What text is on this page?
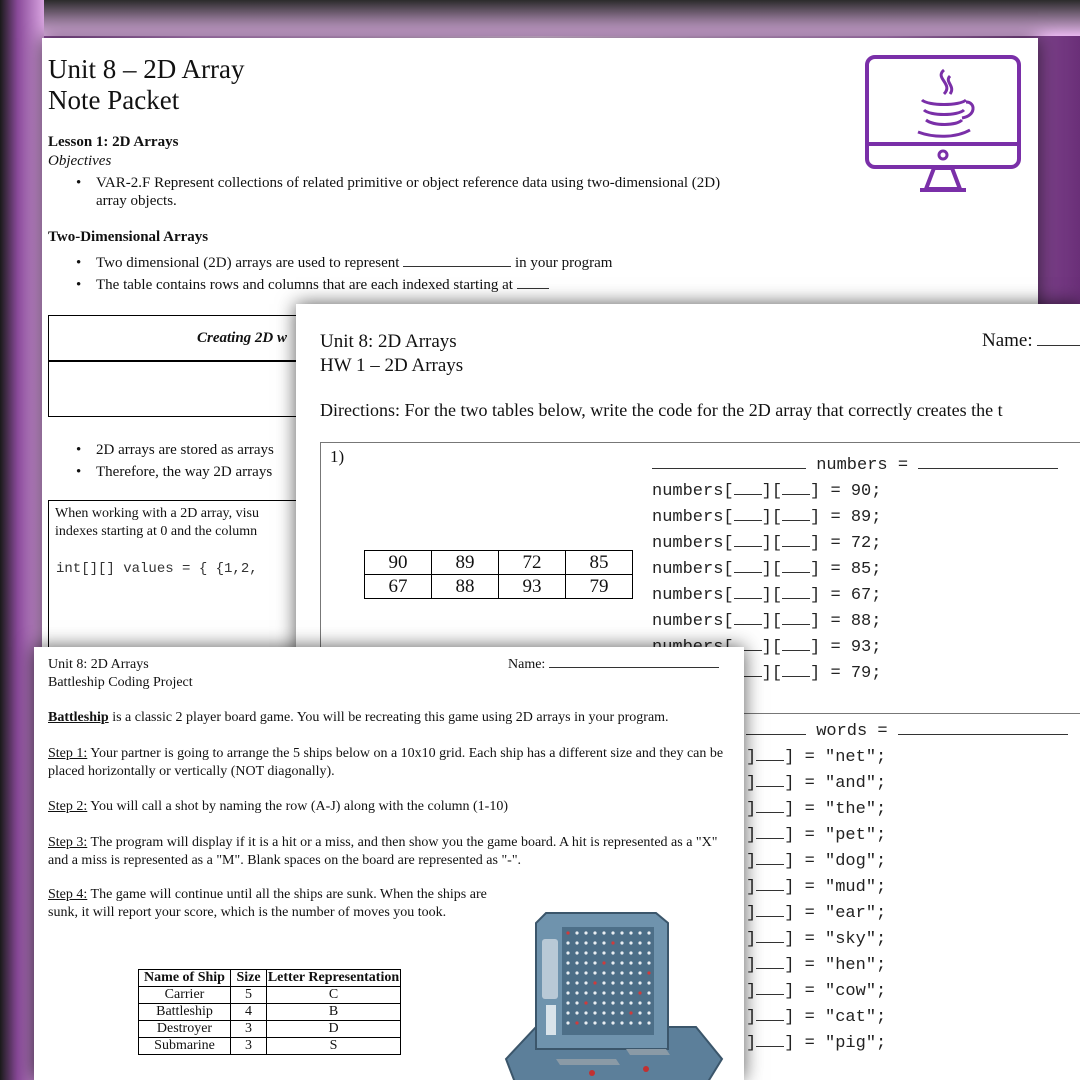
Unit 8 – 2D Array
Note Packet
Lesson 1: 2D Arrays
Objectives
• VAR-2.F Represent collections of related primitive or object reference data using two-dimensional (2D)
array objects.
Two-Dimensional Arrays
• Two dimensional (2D) arrays are used to represent	in your program
• The table contains rows and columns that are each indexed starting at
Creating 2D w
• 2D arrays are stored as arrays
• Therefore, the way 2D arrays
When working with a 2D array, visu
indexes starting at 0 and the column
int[][] values = { {1,2,
Unit 8: 2D Arrays
HW 1 – 2D Arrays
Name:
Directions: For the two tables below, write the code for the 2D array that correctly creates the t
1)
90	89	72	85
67	88	93	79
numbers =
numbers[ ][ ] = 90;
numbers[ ][ ] = 89;
numbers[ ][ ] = 72;
numbers[ ][ ] = 85;
numbers[ ][ ] = 67;
numbers[ ][ ] = 88;
][ ] = 93;
][ ] = 79;
words =
] ] = "net";
] ] = "and";
] ] = "the";
] ] = "pet";
] ] = "dog";
] ] = "mud";
] ] = "ear";
] ] = "sky";
] ] = "hen";
] ] = "cow";
] ] = "cat";
] ] = "pig";
Unit 8: 2D Arrays
Battleship Coding Project
Name:
Battleship is a classic 2 player board game. You will be recreating this game using 2D arrays in your program.
Step 1: Your partner is going to arrange the 5 ships below on a 10x10 grid. Each ship has a different size and they can be placed horizontally or vertically (NOT diagonally).
Step 2: You will call a shot by naming the row (A-J) along with the column (1-10)
Step 3: The program will display if it is a hit or a miss, and then show you the game board. A hit is represented as a "X" and a miss is represented as a "M". Blank spaces on the board are represented as "-".
Step 4: The game will continue until all the ships are sunk. When the ships are sunk, it will report your score, which is the number of moves you took.
Name of Ship	Size	Letter Representation
Carrier	5	C
Battleship	4	B
Destroyer	3	D
Submarine	3	S
